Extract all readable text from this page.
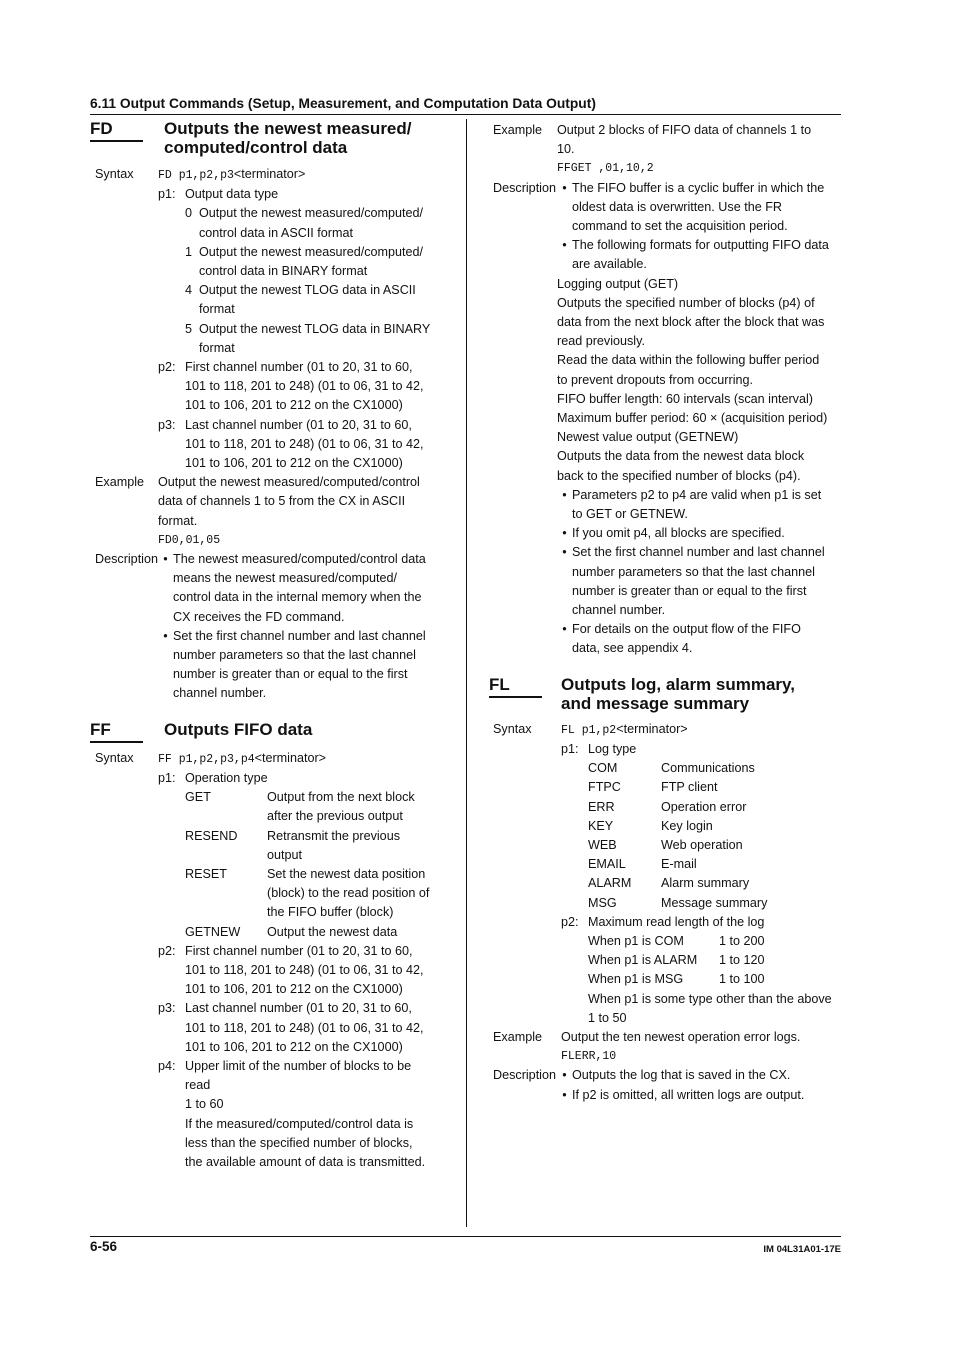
6.11 Output Commands (Setup, Measurement, and Computation Data Output)
FD	Outputs the newest measured/
computed/control data
Syntax	FD p1,p2,p3<terminator>
p1: Output data type
0 Output the newest measured/computed/
control data in ASCII format
1 Output the newest measured/computed/
control data in BINARY format
4 Output the newest TLOG data in ASCII
format
5 Output the newest TLOG data in BINARY
format
p2: First channel number (01 to 20, 31 to 60,
101 to 118, 201 to 248) (01 to 06, 31 to 42,
101 to 106, 201 to 212 on the CX1000)
p3: Last channel number (01 to 20, 31 to 60,
101 to 118, 201 to 248) (01 to 06, 31 to 42,
101 to 106, 201 to 212 on the CX1000)
Example	Output the newest measured/computed/control
data of channels 1 to 5 from the CX in ASCII
format.
FD0,01,05
Description • The newest measured/computed/control data
means the newest measured/computed/
control data in the internal memory when the
CX receives the FD command.
• Set the first channel number and last channel
number parameters so that the last channel
number is greater than or equal to the first
channel number.
FF	Outputs FIFO data
Syntax	FF p1,p2,p3,p4<terminator>
p1: Operation type
GET	Output from the next block
after the previous output
RESEND	Retransmit the previous
output
RESET	Set the newest data position
(block) to the read position of
the FIFO buffer (block)
GETNEW	Output the newest data
p2: First channel number (01 to 20, 31 to 60,
101 to 118, 201 to 248) (01 to 06, 31 to 42,
101 to 106, 201 to 212 on the CX1000)
p3: Last channel number (01 to 20, 31 to 60,
101 to 118, 201 to 248) (01 to 06, 31 to 42,
101 to 106, 201 to 212 on the CX1000)
p4: Upper limit of the number of blocks to be
read
1 to 60
If the measured/computed/control data is
less than the specified number of blocks,
the available amount of data is transmitted.
Example	Output 2 blocks of FIFO data of channels 1 to
10.
FFGET ,01,10,2
Description • The FIFO buffer is a cyclic buffer in which the
oldest data is overwritten. Use the FR
command to set the acquisition period.
• The following formats for outputting FIFO data
are available.
Logging output (GET)
Outputs the specified number of blocks (p4) of
data from the next block after the block that was
read previously.
Read the data within the following buffer period
to prevent dropouts from occurring.
FIFO buffer length: 60 intervals (scan interval)
Maximum buffer period: 60 × (acquisition period)
Newest value output (GETNEW)
Outputs the data from the newest data block
back to the specified number of blocks (p4).
• Parameters p2 to p4 are valid when p1 is set
to GET or GETNEW.
• If you omit p4, all blocks are specified.
• Set the first channel number and last channel
number parameters so that the last channel
number is greater than or equal to the first
channel number.
• For details on the output flow of the FIFO
data, see appendix 4.
FL	Outputs log, alarm summary,
and message summary
Syntax	FL p1,p2<terminator>
p1: Log type
COM	Communications
FTPC	FTP client
ERR	Operation error
KEY	Key login
WEB	Web operation
EMAIL	E-mail
ALARM	Alarm summary
MSG	Message summary
p2: Maximum read length of the log
When p1 is COM	1 to 200
When p1 is ALARM	1 to 120
When p1 is MSG	1 to 100
When p1 is some type other than the above
1 to 50
Example	Output the ten newest operation error logs.
FLERR,10
Description • Outputs the log that is saved in the CX.
• If p2 is omitted, all written logs are output.
6-56	IM 04L31A01-17E
